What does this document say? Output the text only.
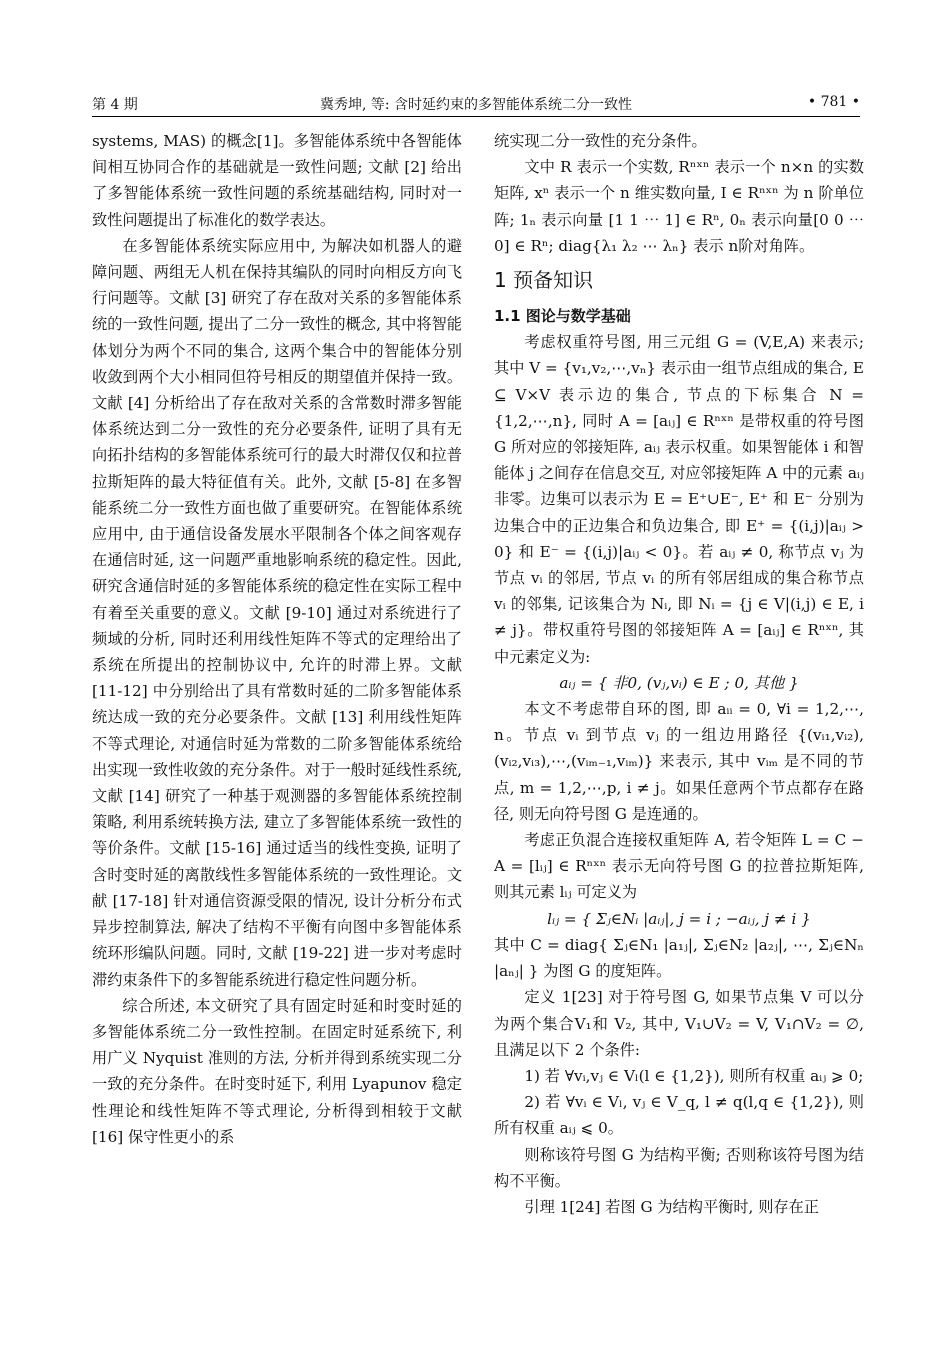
第 4 期	冀秀坤, 等: 含时延约束的多智能体系统二分一致性	• 781 •

systems, MAS) 的概念[1]。多智能体系统中各智能体间相互协同合作的基础就是一致性问题; 文献 [2] 给出了多智能体系统一致性问题的系统基础结构, 同时对一致性问题提出了标准化的数学表达。

在多智能体系统实际应用中, 为解决如机器人的避障问题、两组无人机在保持其编队的同时向相反方向飞行问题等。文献 [3] 研究了存在敌对关系的多智能体系统的一致性问题, 提出了二分一致性的概念, 其中将智能体划分为两个不同的集合, 这两个集合中的智能体分别收敛到两个大小相同但符号相反的期望值并保持一致。文献 [4] 分析给出了存在敌对关系的含常数时滞多智能体系统达到二分一致性的充分必要条件, 证明了具有无向拓扑结构的多智能体系统可行的最大时滞仅仅和拉普拉斯矩阵的最大特征值有关。此外, 文献 [5-8] 在多智能系统二分一致性方面也做了重要研究。在智能体系统应用中, 由于通信设备发展水平限制各个体之间客观存在通信时延, 这一问题严重地影响系统的稳定性。因此, 研究含通信时延的多智能体系统的稳定性在实际工程中有着至关重要的意义。文献 [9-10] 通过对系统进行了频域的分析, 同时还利用线性矩阵不等式的定理给出了系统在所提出的控制协议中, 允许的时滞上界。文献 [11-12] 中分别给出了具有常数时延的二阶多智能体系统达成一致的充分必要条件。文献 [13] 利用线性矩阵不等式理论, 对通信时延为常数的二阶多智能体系统给出实现一致性收敛的充分条件。对于一般时延线性系统, 文献 [14] 研究了一种基于观测器的多智能体系统控制策略, 利用系统转换方法, 建立了多智能体系统一致性的等价条件。文献 [15-16] 通过适当的线性变换, 证明了含时变时延的离散线性多智能体系统的一致性理论。文献 [17-18] 针对通信资源受限的情况, 设计分析分布式异步控制算法, 解决了结构不平衡有向图中多智能体系统环形编队问题。同时, 文献 [19-22] 进一步对考虑时滞约束条件下的多智能系统进行稳定性问题分析。

综合所述, 本文研究了具有固定时延和时变时延的多智能体系统二分一致性控制。在固定时延系统下, 利用广义 Nyquist 准则的方法, 分析并得到系统实现二分一致的充分条件。在时变时延下, 利用 Lyapunov 稳定性理论和线性矩阵不等式理论, 分析得到相较于文献 [16] 保守性更小的系

统实现二分一致性的充分条件。

文中 R 表示一个实数, Rⁿˣⁿ 表示一个 n×n 的实数矩阵, xⁿ 表示一个 n 维实数向量, I ∈ Rⁿˣⁿ 为 n 阶单位阵; 1ₙ 表示向量 [1 1 ⋯ 1] ∈ Rⁿ, 0ₙ 表示向量[0 0 ⋯ 0] ∈ Rⁿ; diag{λ₁ λ₂ ⋯ λₙ} 表示 n阶对角阵。

1 预备知识
1.1 图论与数学基础

考虑权重符号图, 用三元组 G = (V,E,A) 来表示; 其中 V = {v₁,v₂,⋯,vₙ} 表示由一组节点组成的集合, E ⊆ V×V 表示边的集合, 节点的下标集合 N = {1,2,⋯,n}, 同时 A = [aᵢⱼ] ∈ Rⁿˣⁿ 是带权重的符号图 G 所对应的邻接矩阵, aᵢⱼ 表示权重。如果智能体 i 和智能体 j 之间存在信息交互, 对应邻接矩阵 A 中的元素 aᵢⱼ 非零。边集可以表示为 E = E⁺∪E⁻, E⁺ 和 E⁻ 分别为边集合中的正边集合和负边集合, 即 E⁺ = {(i,j)|aᵢⱼ > 0} 和 E⁻ = {(i,j)|aᵢⱼ < 0}。若 aᵢⱼ ≠ 0, 称节点 vⱼ 为节点 vᵢ 的邻居, 节点 vᵢ 的所有邻居组成的集合称节点 vᵢ 的邻集, 记该集合为 Nᵢ, 即 Nᵢ = {j ∈ V|(i,j) ∈ E, i ≠ j}。带权重符号图的邻接矩阵 A = [aᵢⱼ] ∈ Rⁿˣⁿ, 其中元素定义为:

aᵢⱼ = { 非0, (vⱼ,vᵢ) ∈ E ; 0, 其他 }

本文不考虑带自环的图, 即 aᵢᵢ = 0, ∀i = 1,2,⋯, n。节点 vᵢ 到节点 vⱼ 的一组边用路径 {(vᵢ₁,vᵢ₂), (vᵢ₂,vᵢ₃),⋯,(vᵢₘ₋₁,vᵢₘ)} 来表示, 其中 vᵢₘ 是不同的节点, m = 1,2,⋯,p, i ≠ j。如果任意两个节点都存在路径, 则无向符号图 G 是连通的。

考虑正负混合连接权重矩阵 A, 若令矩阵 L = C − A = [lᵢⱼ] ∈ Rⁿˣⁿ 表示无向符号图 G 的拉普拉斯矩阵, 则其元素 lᵢⱼ 可定义为

lᵢⱼ = { Σⱼ∈Nᵢ |aᵢⱼ|, j = i ; −aᵢⱼ, j ≠ i }

其中 C = diag{ Σⱼ∈N₁ |a₁ⱼ|, Σⱼ∈N₂ |a₂ⱼ|, ⋯, Σⱼ∈Nₙ |aₙⱼ| } 为图 G 的度矩阵。

定义 1[23] 对于符号图 G, 如果节点集 V 可以分为两个集合V₁和 V₂, 其中, V₁∪V₂ = V, V₁∩V₂ = ∅, 且满足以下 2 个条件:

1) 若 ∀vᵢ,vⱼ ∈ Vₗ(l ∈ {1,2}), 则所有权重 aᵢⱼ ⩾ 0;

2) 若 ∀vᵢ ∈ Vₗ, vⱼ ∈ V_q, l ≠ q(l,q ∈ {1,2}), 则所有权重 aᵢⱼ ⩽ 0。

则称该符号图 G 为结构平衡; 否则称该符号图为结构不平衡。

引理 1[24] 若图 G 为结构平衡时, 则存在正
